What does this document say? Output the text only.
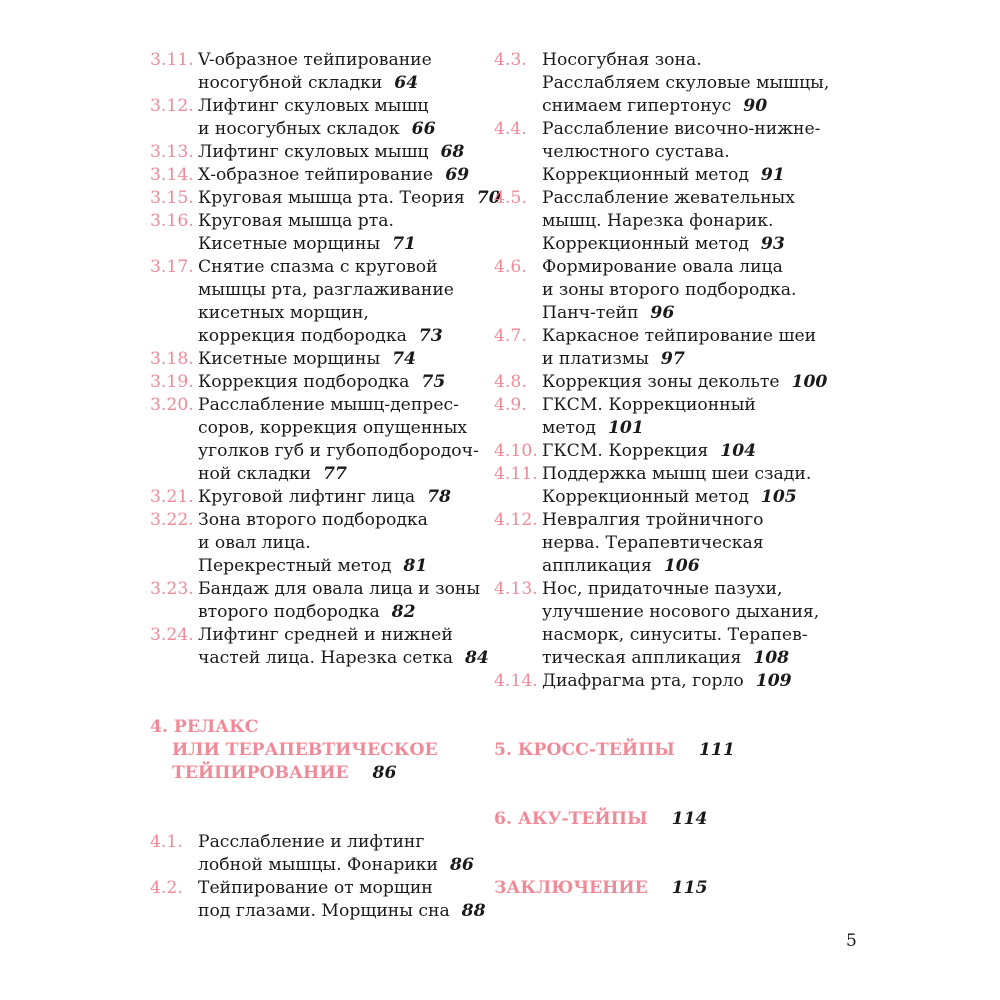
3.11. V-образное тейпирование
носогубной складки 64
3.12. Лифтинг скуловых мышц
и носогубных складок 66
3.13. Лифтинг скуловых мышц 68
3.14. Х-образное тейпирование 69
3.15. Круговая мышца рта. Теория 70
3.16. Круговая мышца рта.
Кисетные морщины 71
3.17. Снятие спазма с круговой
мышцы рта, разглаживание
кисетных морщин,
коррекция подбородка 73
3.18. Кисетные морщины 74
3.19. Коррекция подбородка 75
3.20. Расслабление мышц-депрес-
соров, коррекция опущенных
уголков губ и губоподбородоч-
ной складки 77
3.21. Круговой лифтинг лица 78
3.22. Зона второго подбородка
и овал лица.
Перекрестный метод 81
3.23. Бандаж для овала лица и зоны
второго подбородка 82
3.24. Лифтинг средней и нижней
частей лица. Нарезка сетка 84
4. РЕЛАКС
ИЛИ ТЕРАПЕВТИЧЕСКОЕ
ТЕЙПИРОВАНИЕ 86
4.1. Расслабление и лифтинг
лобной мышцы. Фонарики 86
4.2. Тейпирование от морщин
под глазами. Морщины сна 88
4.3. Носогубная зона.
Расслабляем скуловые мышцы,
снимаем гипертонус 90
4.4. Расслабление височно-нижне-
челюстного сустава.
Коррекционный метод 91
4.5. Расслабление жевательных
мышц. Нарезка фонарик.
Коррекционный метод 93
4.6. Формирование овала лица
и зоны второго подбородка.
Панч-тейп 96
4.7. Каркасное тейпирование шеи
и платизмы 97
4.8. Коррекция зоны декольте 100
4.9. ГКСМ. Коррекционный
метод 101
4.10. ГКСМ. Коррекция 104
4.11. Поддержка мышц шеи сзади.
Коррекционный метод 105
4.12. Невралгия тройничного
нерва. Терапевтическая
аппликация 106
4.13. Нос, придаточные пазухи,
улучшение носового дыхания,
насморк, синуситы. Терапев-
тическая аппликация 108
4.14. Диафрагма рта, горло 109
5. КРОСС-ТЕЙПЫ 111
6. АКУ-ТЕЙПЫ 114
ЗАКЛЮЧЕНИЕ 115
5
